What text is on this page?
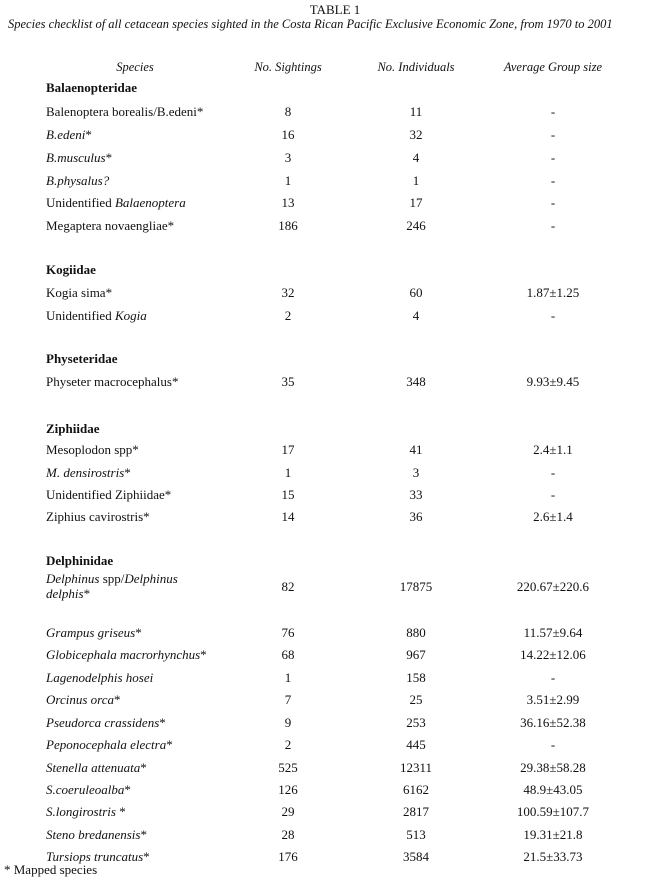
TABLE 1
Species checklist of all cetacean species sighted in the Costa Rican Pacific Exclusive Economic Zone, from 1970 to 2001
Species	No. Sightings	No. Individuals	Average Group size
Balaenopteridae
Balenoptera borealis/B.edeni*	8	11	-
B.edeni*	16	32	-
B.musculus*	3	4	-
B.physalus?	1	1	-
Unidentified Balaenoptera	13	17	-
Megaptera novaengliae*	186	246	-
Kogiidae
Kogia sima*	32	60	1.87±1.25
Unidentified Kogia	2	4	-
Physeteridae
Physeter macrocephalus*	35	348	9.93±9.45
Ziphiidae
Mesoplodon spp*	17	41	2.4±1.1
M. densirostris*	1	3	-
Unidentified Ziphiidae*	15	33	-
Ziphius cavirostris*	14	36	2.6±1.4
Delphinidae
Delphinus spp/Delphinus delphis*	82	17875	220.67±220.6
Grampus griseus*	76	880	11.57±9.64
Globicephala macrorhynchus*	68	967	14.22±12.06
Lagenodelphis hosei	1	158	-
Orcinus orca*	7	25	3.51±2.99
Pseudorca crassidens*	9	253	36.16±52.38
Peponocephala electra*	2	445	-
Stenella attenuata*	525	12311	29.38±58.28
S.coeruleoalba*	126	6162	48.9±43.05
S.longirostris *	29	2817	100.59±107.7
Steno bredanensis*	28	513	19.31±21.8
Tursiops truncatus*	176	3584	21.5±33.73
* Mapped species
